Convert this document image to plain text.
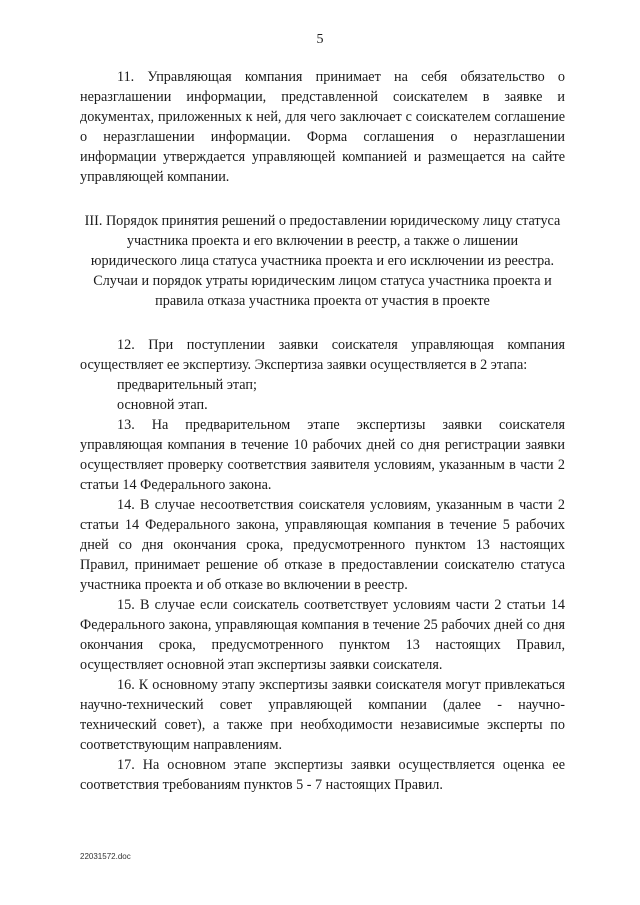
5

11. Управляющая компания принимает на себя обязательство о неразглашении информации, представленной соискателем в заявке и документах, приложенных к ней, для чего заключает с соискателем соглашение о неразглашении информации. Форма соглашения о неразглашении информации утверждается управляющей компанией и размещается на сайте управляющей компании.

III. Порядок принятия решений о предоставлении юридическому лицу статуса участника проекта и его включении в реестр, а также о лишении юридического лица статуса участника проекта и его исключении из реестра. Случаи и порядок утраты юридическим лицом статуса участника проекта и правила отказа участника проекта от участия в проекте

12. При поступлении заявки соискателя управляющая компания осуществляет ее экспертизу. Экспертиза заявки осуществляется в 2 этапа:

предварительный этап;

основной этап.

13. На предварительном этапе экспертизы заявки соискателя управляющая компания в течение 10 рабочих дней со дня регистрации заявки осуществляет проверку соответствия заявителя условиям, указанным в части 2 статьи 14 Федерального закона.

14. В случае несоответствия соискателя условиям, указанным в части 2 статьи 14 Федерального закона, управляющая компания в течение 5 рабочих дней со дня окончания срока, предусмотренного пунктом 13 настоящих Правил, принимает решение об отказе в предоставлении соискателю статуса участника проекта и об отказе во включении в реестр.

15. В случае если соискатель соответствует условиям части 2 статьи 14 Федерального закона, управляющая компания в течение 25 рабочих дней со дня окончания срока, предусмотренного пунктом 13 настоящих Правил, осуществляет основной этап экспертизы заявки соискателя.

16. К основному этапу экспертизы заявки соискателя могут привлекаться научно-технический совет управляющей компании (далее - научно-технический совет), а также при необходимости независимые эксперты по соответствующим направлениям.

17. На основном этапе экспертизы заявки осуществляется оценка ее соответствия требованиям пунктов 5 - 7 настоящих Правил.

22031572.doc
